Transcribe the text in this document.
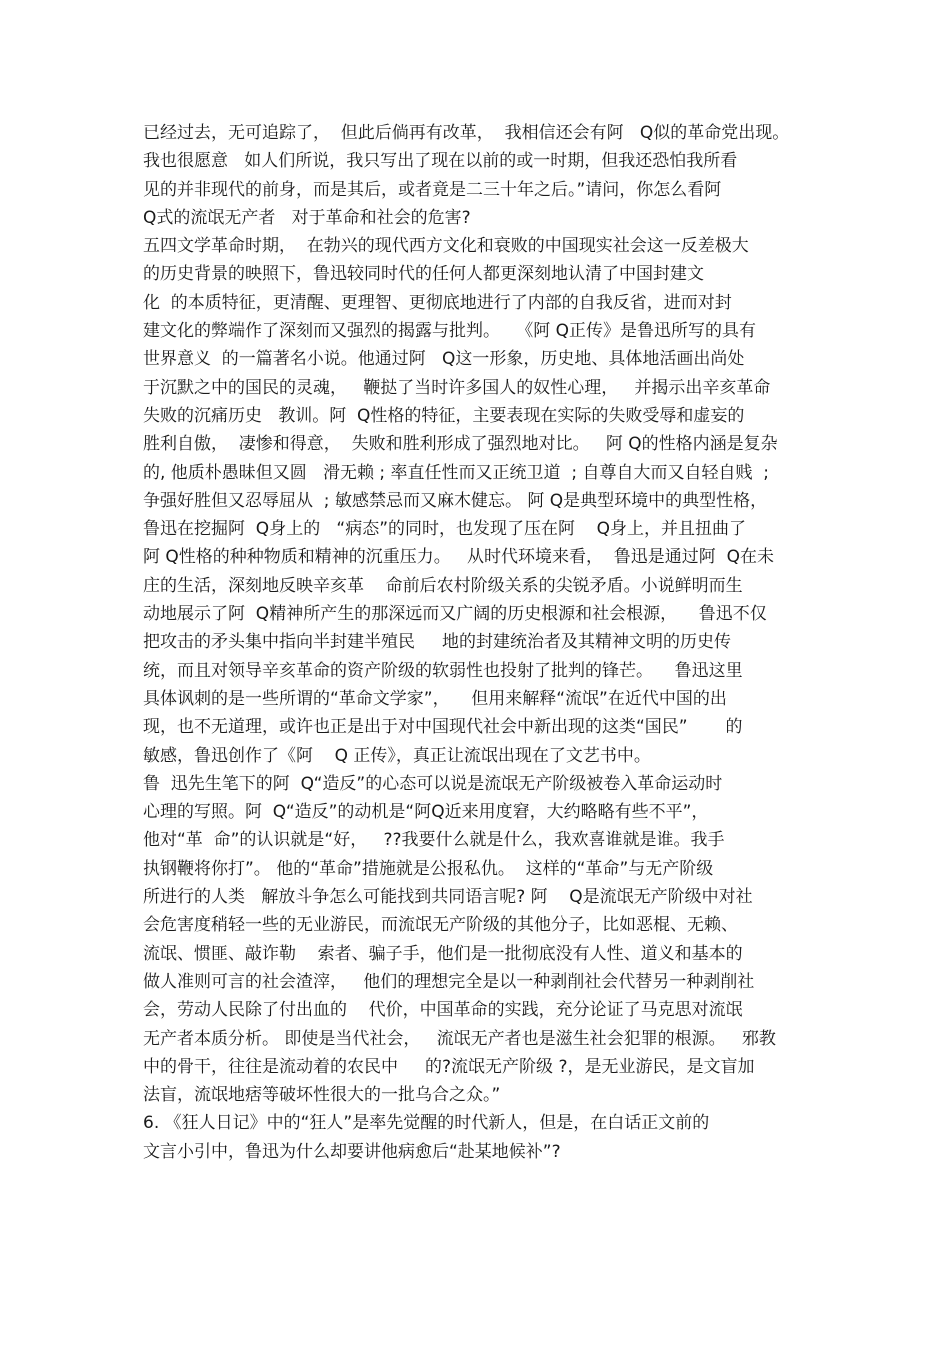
已经过去，无可追踪了，  但此后倘再有改革，  我相信还会有阿   Q似的革命党出现。
我也很愿意   如人们所说，我只写出了现在以前的或一时期，但我还恐怕我所看
见的并非现代的前身，而是其后，或者竟是二三十年之后。”请问，你怎么看阿
Q式的流氓无产者   对于革命和社会的危害?
五四文学革命时期，  在勃兴的现代西方文化和衰败的中国现实社会这一反差极大
的历史背景的映照下，鲁迅较同时代的任何人都更深刻地认清了中国封建文
化  的本质特征，更清醒、更理智、更彻底地进行了内部的自我反省，进而对封
建文化的弊端作了深刻而又强烈的揭露与批判。   《阿 Q正传》是鲁迅所写的具有
世界意义  的一篇著名小说。他通过阿   Q这一形象，历史地、具体地活画出尚处
于沉默之中的国民的灵魂，   鞭挞了当时许多国人的奴性心理，   并揭示出辛亥革命
失败的沉痛历史   教训。阿  Q性格的特征，主要表现在实际的失败受辱和虚妄的
胜利自傲，  凄惨和得意，  失败和胜利形成了强烈地对比。   阿 Q的性格内涵是复杂
的, 他质朴愚昧但又圆   滑无赖 ; 率直任性而又正统卫道  ; 自尊自大而又自轻自贱  ;
争强好胜但又忍辱屈从  ; 敏感禁忌而又麻木健忘。 阿 Q是典型环境中的典型性格，
鲁迅在挖掘阿  Q身上的   “病态”的同时，也发现了压在阿    Q身上，并且扭曲了
阿 Q性格的种种物质和精神的沉重压力。   从时代环境来看，  鲁迅是通过阿  Q在未
庄的生活，深刻地反映辛亥革    命前后农村阶级关系的尖锐矛盾。小说鲜明而生
动地展示了阿  Q精神所产生的那深远而又广阔的历史根源和社会根源，    鲁迅不仅
把攻击的矛头集中指向半封建半殖民     地的封建统治者及其精神文明的历史传
统，而且对领导辛亥革命的资产阶级的软弱性也投射了批判的锋芒。    鲁迅这里
具体讽刺的是一些所谓的“革命文学家”，    但用来解释“流氓”在近代中国的出
现，也不无道理，或许也正是出于对中国现代社会中新出现的这类“国民”       的
敏感，鲁迅创作了《阿    Q 正传》，真正让流氓出现在了文艺书中。
鲁  迅先生笔下的阿  Q“造反”的心态可以说是流氓无产阶级被卷入革命运动时
心理的写照。阿  Q“造反”的动机是“阿Q近来用度窘，大约略略有些不平”，
他对“革  命”的认识就是“好，   ??我要什么就是什么，我欢喜谁就是谁。我手
执钢鞭将你打”。 他的“革命”措施就是公报私仇。  这样的“革命”与无产阶级
所进行的人类   解放斗争怎么可能找到共同语言呢? 阿    Q是流氓无产阶级中对社
会危害度稍轻一些的无业游民，而流氓无产阶级的其他分子，比如恶棍、无赖、
流氓、惯匪、敲诈勒    索者、骗子手，他们是一批彻底没有人性、道义和基本的
做人准则可言的社会渣滓，   他们的理想完全是以一种剥削社会代替另一种剥削社
会，劳动人民除了付出血的    代价，中国革命的实践，充分论证了马克思对流氓
无产者本质分析。 即使是当代社会，   流氓无产者也是滋生社会犯罪的根源。   邪教
中的骨干，往往是流动着的农民中     的?流氓无产阶级 ?，是无业游民，是文盲加
法盲，流氓地痞等破坏性很大的一批乌合之众。”
6. 《狂人日记》中的“狂人”是率先觉醒的时代新人，但是，在白话正文前的
文言小引中，鲁迅为什么却要讲他病愈后“赴某地候补”?
